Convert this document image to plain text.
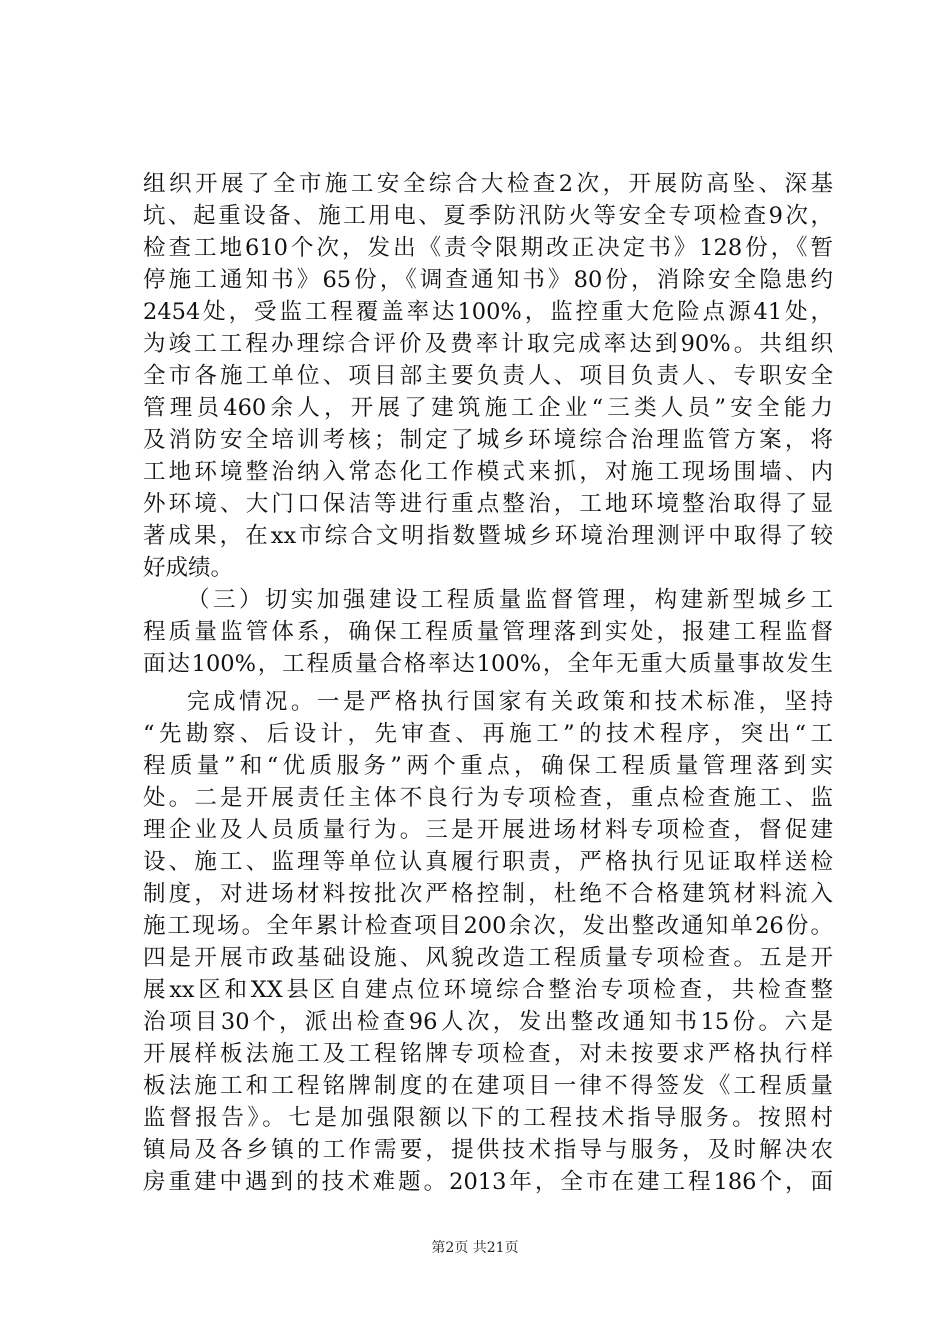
组织开展了全市施工安全综合大检查2次，开展防高坠、深基
坑、起重设备、施工用电、夏季防汛防火等安全专项检查9次，
检查工地610个次，发出《责令限期改正决定书》128份，《暂
停施工通知书》65份，《调查通知书》80份，消除安全隐患约
2454处，受监工程覆盖率达100%，监控重大危险点源41处，
为竣工工程办理综合评价及费率计取完成率达到90%。共组织
全市各施工单位、项目部主要负责人、项目负责人、专职安全
管理员460余人，开展了建筑施工企业“三类人员”安全能力
及消防安全培训考核；制定了城乡环境综合治理监管方案，将
工地环境整治纳入常态化工作模式来抓，对施工现场围墙、内
外环境、大门口保洁等进行重点整治，工地环境整治取得了显
著成果，在xx市综合文明指数暨城乡环境治理测评中取得了较
好成绩。
（三）切实加强建设工程质量监督管理，构建新型城乡工
程质量监管体系，确保工程质量管理落到实处，报建工程监督
面达100%，工程质量合格率达100%，全年无重大质量事故发生
完成情况。一是严格执行国家有关政策和技术标准，坚持
“先勘察、后设计，先审查、再施工”的技术程序，突出“工
程质量”和“优质服务”两个重点，确保工程质量管理落到实
处。二是开展责任主体不良行为专项检查，重点检查施工、监
理企业及人员质量行为。三是开展进场材料专项检查，督促建
设、施工、监理等单位认真履行职责，严格执行见证取样送检
制度，对进场材料按批次严格控制，杜绝不合格建筑材料流入
施工现场。全年累计检查项目200余次，发出整改通知单26份。
四是开展市政基础设施、风貌改造工程质量专项检查。五是开
展xx区和XX县区自建点位环境综合整治专项检查，共检查整
治项目30个，派出检查96人次，发出整改通知书15份。六是
开展样板法施工及工程铭牌专项检查，对未按要求严格执行样
板法施工和工程铭牌制度的在建项目一律不得签发《工程质量
监督报告》。七是加强限额以下的工程技术指导服务。按照村
镇局及各乡镇的工作需要，提供技术指导与服务，及时解决农
房重建中遇到的技术难题。2013年，全市在建工程186个，面
第2页 共21页
